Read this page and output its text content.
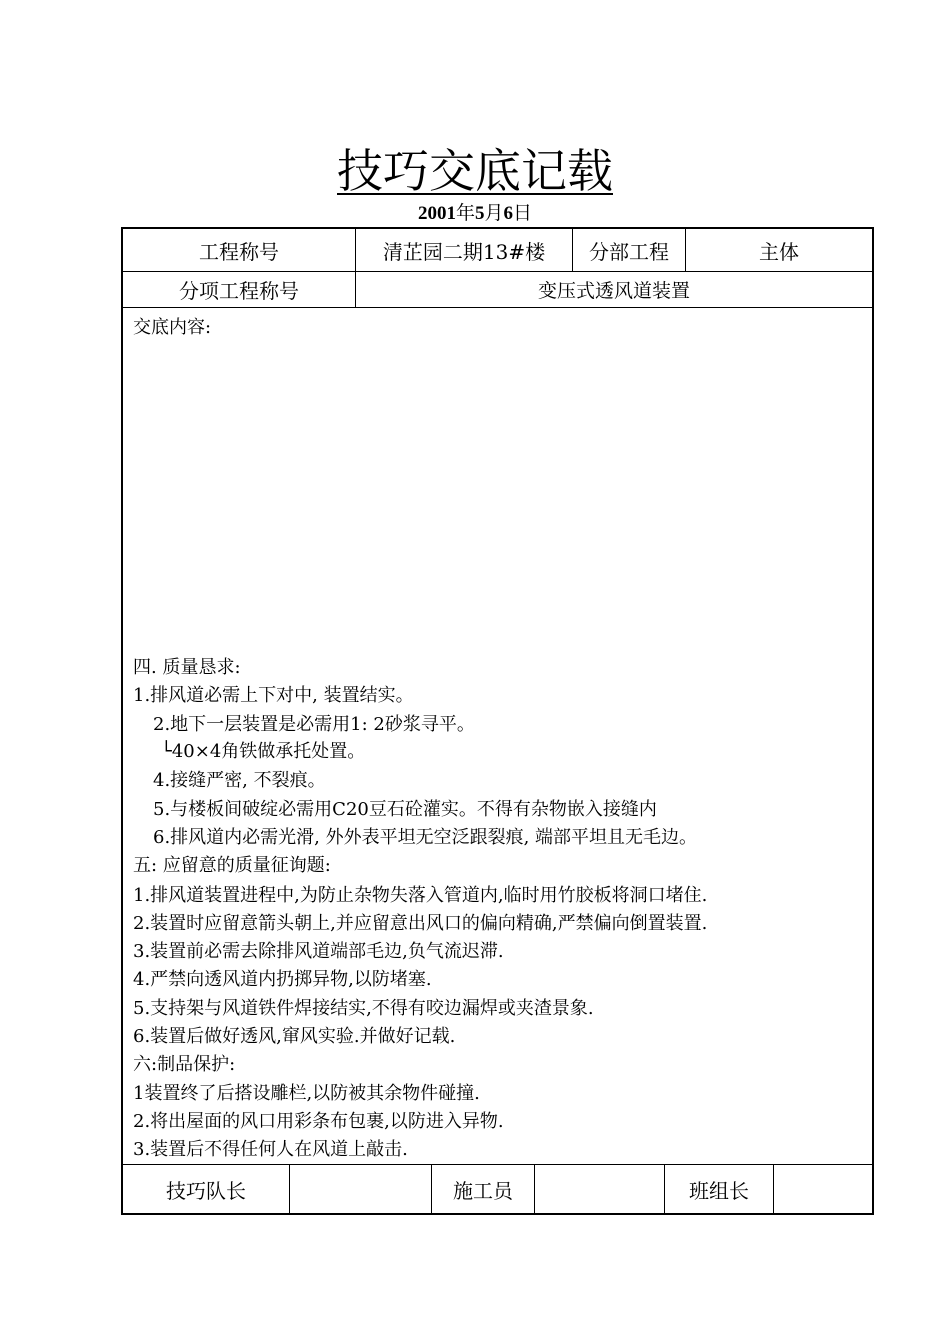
技巧交底记载
2001年5月6日
工程称号	清芷园二期13#楼	分部工程	主体
分项工程称号	变压式透风道装置
交底内容:
四. 质量恳求:
1.排风道必需上下对中, 装置结实。
2.地下一层装置是必需用1: 2砂浆寻平。
└40×4角铁做承托处置。
4.接缝严密, 不裂痕。
5.与楼板间破绽必需用C20豆石砼灌实。不得有杂物嵌入接缝内
6.排风道内必需光滑, 外外表平坦无空泛跟裂痕, 端部平坦且无毛边。
五: 应留意的质量征询题:
1.排风道装置进程中,为防止杂物失落入管道内,临时用竹胶板将洞口堵住.
2.装置时应留意箭头朝上,并应留意出风口的偏向精确,严禁偏向倒置装置.
3.装置前必需去除排风道端部毛边,负气流迟滞.
4.严禁向透风道内扔掷异物,以防堵塞.
5.支持架与风道铁件焊接结实,不得有咬边漏焊或夹渣景象.
6.装置后做好透风,窜风实验.并做好记载.
六:制品保护:
1装置终了后搭设雕栏,以防被其余物件碰撞.
2.将出屋面的风口用彩条布包裹,以防进入异物.
3.装置后不得任何人在风道上敲击.
技巧队长	施工员	班组长
